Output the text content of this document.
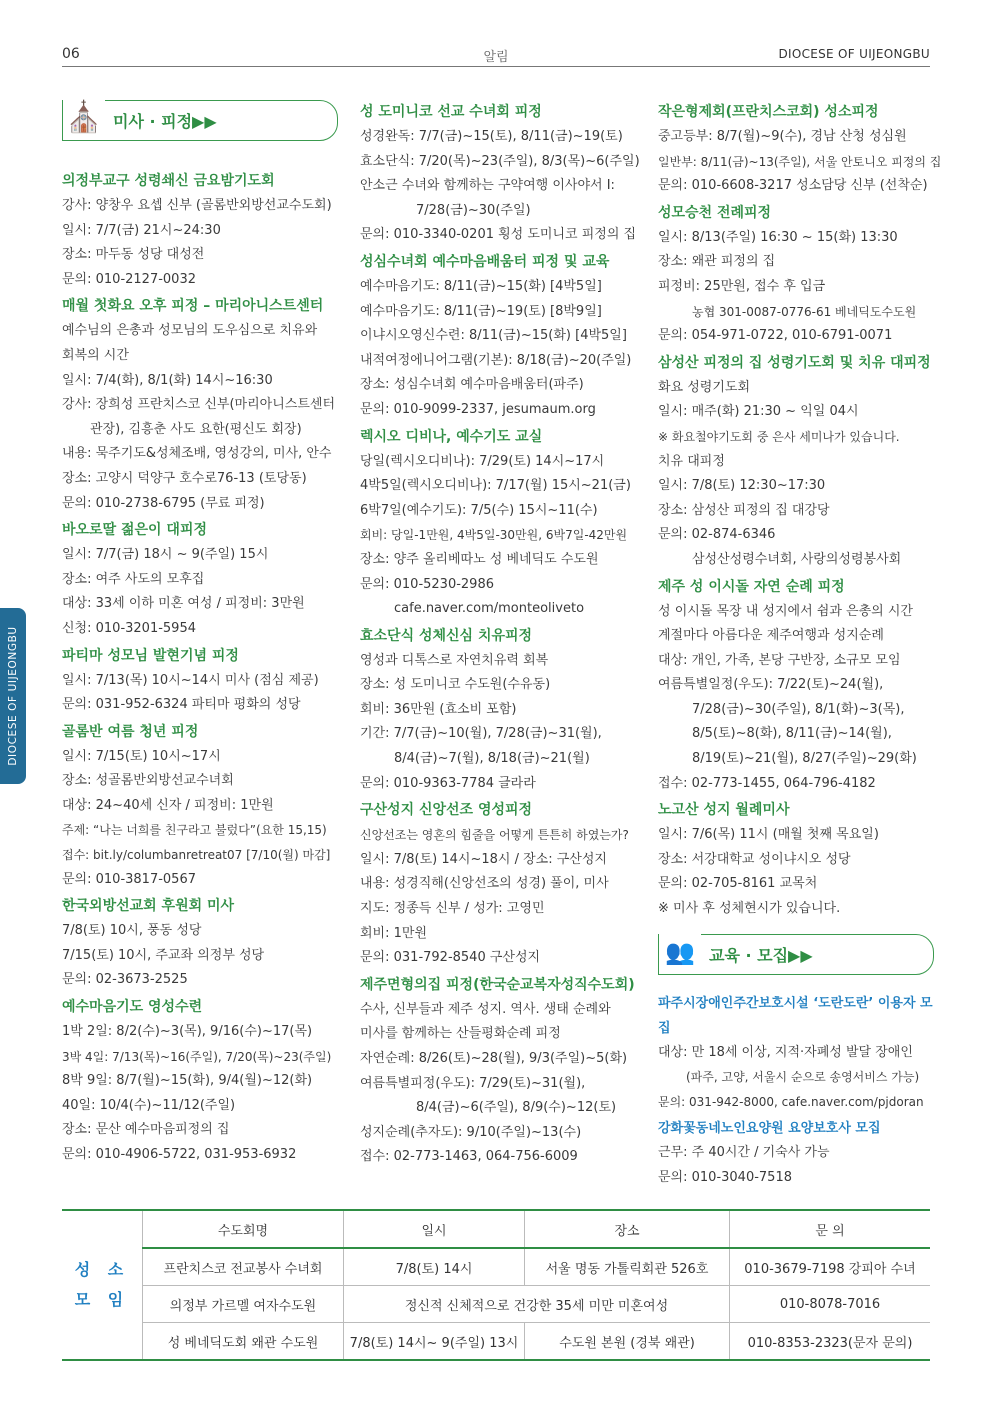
06	알림	DIOCESE OF UIJEONGBU
DIOCESE OF UIJEONGBU
⛪ 미사 · 피정▶▶
의정부교구 성령쇄신 금요밤기도회
강사: 양창우 요셉 신부 (골롬반외방선교수도회)
일시: 7/7(금) 21시~24:30
장소: 마두동 성당 대성전
문의: 010-2127-0032
매월 첫화요 오후 피정 – 마리아니스트센터
예수님의 은총과 성모님의 도우심으로 치유와
회복의 시간
일시: 7/4(화), 8/1(화) 14시~16:30
강사: 장희성 프란치스코 신부(마리아니스트센터
관장), 김흥춘 사도 요한(평신도 회장)
내용: 묵주기도&성체조배, 영성강의, 미사, 안수
장소: 고양시 덕양구 호수로76-13 (토당동)
문의: 010-2738-6795 (무료 피정)
바오로딸 젊은이 대피정
일시: 7/7(금) 18시 ~ 9(주일) 15시
장소: 여주 사도의 모후집
대상: 33세 이하 미혼 여성 / 피정비: 3만원
신청: 010-3201-5954
파티마 성모님 발현기념 피정
일시: 7/13(목) 10시~14시 미사 (점심 제공)
문의: 031-952-6324 파티마 평화의 성당
골롬반 여름 청년 피정
일시: 7/15(토) 10시~17시
장소: 성골롬반외방선교수녀회
대상: 24~40세 신자 / 피정비: 1만원
주제: “나는 너희를 친구라고 불렀다”(요한 15,15)
접수: bit.ly/columbanretreat07 [7/10(월) 마감]
문의: 010-3817-0567
한국외방선교회 후원회 미사
7/8(토) 10시, 풍동 성당
7/15(토) 10시, 주교좌 의정부 성당
문의: 02-3673-2525
예수마음기도 영성수련
1박 2일: 8/2(수)~3(목), 9/16(수)~17(목)
3박 4일: 7/13(목)~16(주일), 7/20(목)~23(주일)
8박 9일: 8/7(월)~15(화), 9/4(월)~12(화)
40일: 10/4(수)~11/12(주일)
장소: 문산 예수마음피정의 집
문의: 010-4906-5722, 031-953-6932
성 도미니코 선교 수녀회 피정
성경완독: 7/7(금)~15(토), 8/11(금)~19(토)
효소단식: 7/20(목)~23(주일), 8/3(목)~6(주일)
안소근 수녀와 함께하는 구약여행 이사야서 I:
7/28(금)~30(주일)
문의: 010-3340-0201 횡성 도미니코 피정의 집
성심수녀회 예수마음배움터 피정 및 교육
예수마음기도: 8/11(금)~15(화) [4박5일]
예수마음기도: 8/11(금)~19(토) [8박9일]
이냐시오영신수련: 8/11(금)~15(화) [4박5일]
내적여정에니어그램(기본): 8/18(금)~20(주일)
장소: 성심수녀회 예수마음배움터(파주)
문의: 010-9099-2337, jesumaum.org
렉시오 디비나, 예수기도 교실
당일(렉시오디비나): 7/29(토) 14시~17시
4박5일(렉시오디비나): 7/17(월) 15시~21(금)
6박7일(예수기도): 7/5(수) 15시~11(수)
회비: 당일-1만원, 4박5일-30만원, 6박7일-42만원
장소: 양주 올리베따노 성 베네딕도 수도원
문의: 010-5230-2986
cafe.naver.com/monteoliveto
효소단식 성체신심 치유피정
영성과 디톡스로 자연치유력 회복
장소: 성 도미니코 수도원(수유동)
회비: 36만원 (효소비 포함)
기간: 7/7(금)~10(월), 7/28(금)~31(월),
8/4(금)~7(월), 8/18(금)~21(월)
문의: 010-9363-7784 글라라
구산성지 신앙선조 영성피정
신앙선조는 영혼의 힘줄을 어떻게 튼튼히 하였는가?
일시: 7/8(토) 14시~18시 / 장소: 구산성지
내용: 성경직해(신앙선조의 성경) 풀이, 미사
지도: 정종득 신부 / 성가: 고영민
회비: 1만원
문의: 031-792-8540 구산성지
제주면형의집 피정(한국순교복자성직수도회)
수사, 신부들과 제주 성지. 역사. 생태 순례와
미사를 함께하는 산들평화순례 피정
자연순례: 8/26(토)~28(월), 9/3(주일)~5(화)
여름특별피정(우도): 7/29(토)~31(월),
8/4(금)~6(주일), 8/9(수)~12(토)
성지순례(추자도): 9/10(주일)~13(수)
접수: 02-773-1463, 064-756-6009
작은형제회(프란치스코회) 성소피정
중고등부: 8/7(월)~9(수), 경남 산청 성심원
일반부: 8/11(금)~13(주일), 서울 안토니오 피정의 집
문의: 010-6608-3217 성소담당 신부 (선착순)
성모승천 전례피정
일시: 8/13(주일) 16:30 ~ 15(화) 13:30
장소: 왜관 피정의 집
피정비: 25만원, 접수 후 입금
농협 301-0087-0776-61 베네딕도수도원
문의: 054-971-0722, 010-6791-0071
삼성산 피정의 집 성령기도회 및 치유 대피정
화요 성령기도회
일시: 매주(화) 21:30 ~ 익일 04시
※ 화요철야기도회 중 은사 세미나가 있습니다.
치유 대피정
일시: 7/8(토) 12:30~17:30
장소: 삼성산 피정의 집 대강당
문의: 02-874-6346
삼성산성령수녀회, 사랑의성령봉사회
제주 성 이시돌 자연 순례 피정
성 이시돌 목장 내 성지에서 쉼과 은총의 시간
계절마다 아름다운 제주여행과 성지순례
대상: 개인, 가족, 본당 구반장, 소규모 모임
여름특별일정(우도): 7/22(토)~24(월),
7/28(금)~30(주일), 8/1(화)~3(목),
8/5(토)~8(화), 8/11(금)~14(월),
8/19(토)~21(월), 8/27(주일)~29(화)
접수: 02-773-1455, 064-796-4182
노고산 성지 월례미사
일시: 7/6(목) 11시 (매월 첫째 목요일)
장소: 서강대학교 성이냐시오 성당
문의: 02-705-8161 교목처
※ 미사 후 성체현시가 있습니다.
👥 교육 · 모집▶▶
파주시장애인주간보호시설 ‘도란도란’ 이용자 모집
대상: 만 18세 이상, 지적·자폐성 발달 장애인
(파주, 고양, 서울시 순으로 송영서비스 가능)
문의: 031-942-8000, cafe.naver.com/pjdoran
강화꽃동네노인요양원 요양보호사 모집
근무: 주 40시간 / 기숙사 가능
문의: 010-3040-7518
성 소
모 임	수도회명	일시	장소	문 의
	프란치스코 전교봉사 수녀회	7/8(토) 14시	서울 명동 가톨릭회관 526호	010-3679-7198 강피아 수녀
	의정부 가르멜 여자수도원	정신적 신체적으로 건강한 35세 미만 미혼여성		010-8078-7016
	성 베네딕도회 왜관 수도원	7/8(토) 14시~ 9(주일) 13시	수도원 본원 (경북 왜관)	010-8353-2323(문자 문의)
